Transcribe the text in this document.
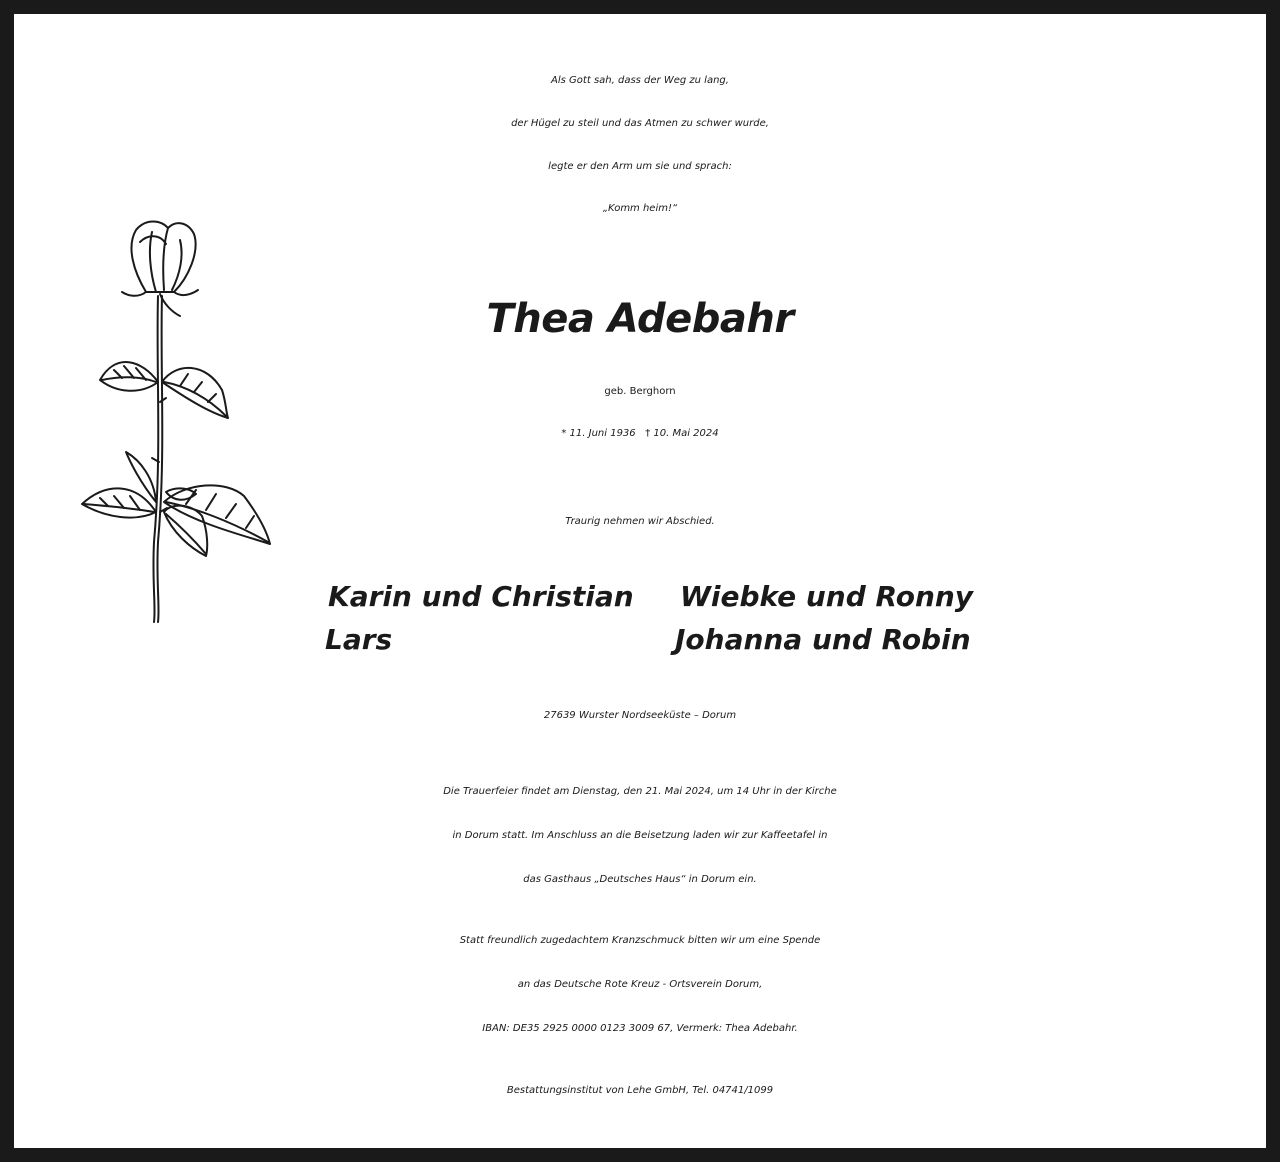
Als Gott sah, dass der Weg zu lang,
der Hügel zu steil und das Atmen zu schwer wurde,
legte er den Arm um sie und sprach:
„Komm heim!“
Thea Adebahr
geb. Berghorn
* 11. Juni 1936 † 10. Mai 2024
Traurig nehmen wir Abschied.
Karin und Christian
Lars
Wiebke und Ronny
Johanna und Robin
27639 Wurster Nordseeküste – Dorum
Die Trauerfeier findet am Dienstag, den 21. Mai 2024, um 14 Uhr in der Kirche
in Dorum statt. Im Anschluss an die Beisetzung laden wir zur Kaffeetafel in
das Gasthaus „Deutsches Haus“ in Dorum ein.
Statt freundlich zugedachtem Kranzschmuck bitten wir um eine Spende
an das Deutsche Rote Kreuz - Ortsverein Dorum,
IBAN: DE35 2925 0000 0123 3009 67, Vermerk: Thea Adebahr.
Bestattungsinstitut von Lehe GmbH, Tel. 04741/1099
